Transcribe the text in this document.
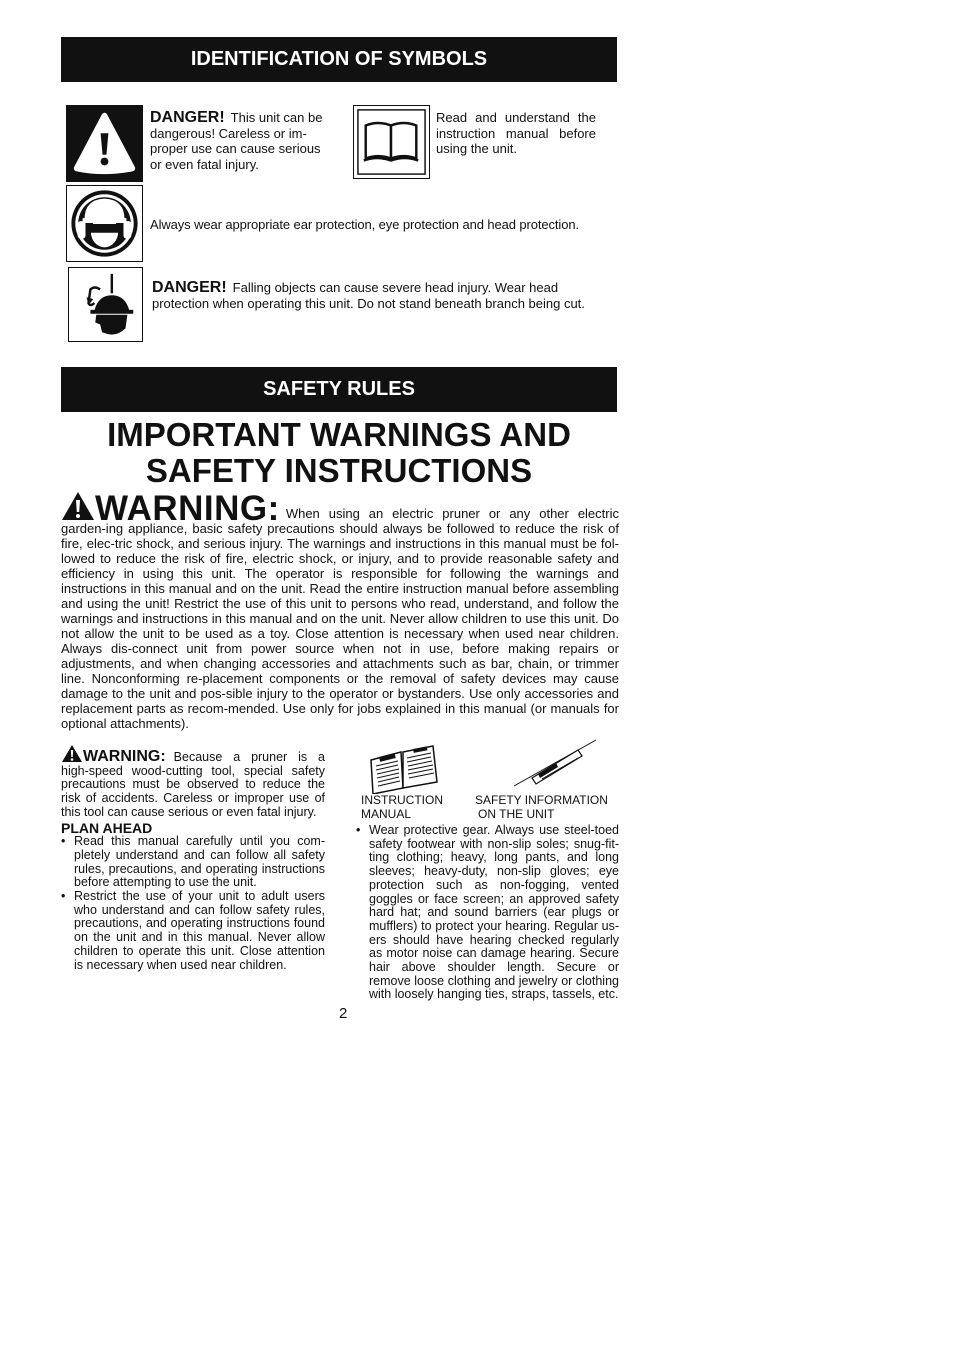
IDENTIFICATION OF SYMBOLS
DANGER! This unit can be dangerous! Careless or im-proper use can cause serious or even fatal injury.
Read and understand the instruction manual before using the unit.
Always wear appropriate ear protection, eye protection and head protection.
DANGER! Falling objects can cause severe head injury. Wear head protection when operating this unit. Do not stand beneath branch being cut.
SAFETY RULES
IMPORTANT WARNINGS AND
SAFETY INSTRUCTIONS
WARNING: When using an electric pruner or any other electric garden-ing appliance, basic safety precautions should always be followed to reduce the risk of fire, elec-tric shock, and serious injury. The warnings and instructions in this manual must be fol-lowed to reduce the risk of fire, electric shock, or injury, and to provide reasonable safety and efficiency in using this unit. The operator is responsible for following the warnings and instructions in this manual and on the unit. Read the entire instruction manual before assembling and using the unit! Restrict the use of this unit to persons who read, understand, and follow the warnings and instructions in this manual and on the unit. Never allow children to use this unit. Do not allow the unit to be used as a toy. Close attention is necessary when used near children. Always dis-connect unit from power source when not in use, before making repairs or adjustments, and when changing accessories and attachments such as bar, chain, or trimmer line. Nonconforming re-placement components or the removal of safety devices may cause damage to the unit and pos-sible injury to the operator or bystanders. Use only accessories and replacement parts as recom-mended. Use only for jobs explained in this manual (or manuals for optional attachments).
WARNING: Because a pruner is a high-speed wood-cutting tool, special safety precautions must be observed to reduce the risk of accidents. Careless or improper use of this tool can cause serious or even fatal injury.
PLAN AHEAD
• Read this manual carefully until you com-pletely understand and can follow all safety rules, precautions, and operating instructions before attempting to use the unit.
• Restrict the use of your unit to adult users who understand and can follow safety rules, precautions, and operating instructions found on the unit and in this manual. Never allow children to operate this unit. Close attention is necessary when used near children.
INSTRUCTION
MANUAL
SAFETY INFORMATION
ON THE UNIT
• Wear protective gear. Always use steel-toed safety footwear with non-slip soles; snug-fit-ting clothing; heavy, long pants, and long sleeves; heavy-duty, non-slip gloves; eye protection such as non-fogging, vented goggles or face screen; an approved safety hard hat; and sound barriers (ear plugs or mufflers) to protect your hearing. Regular us-ers should have hearing checked regularly as motor noise can damage hearing. Secure hair above shoulder length. Secure or remove loose clothing and jewelry or clothing with loosely hanging ties, straps, tassels, etc.
2
